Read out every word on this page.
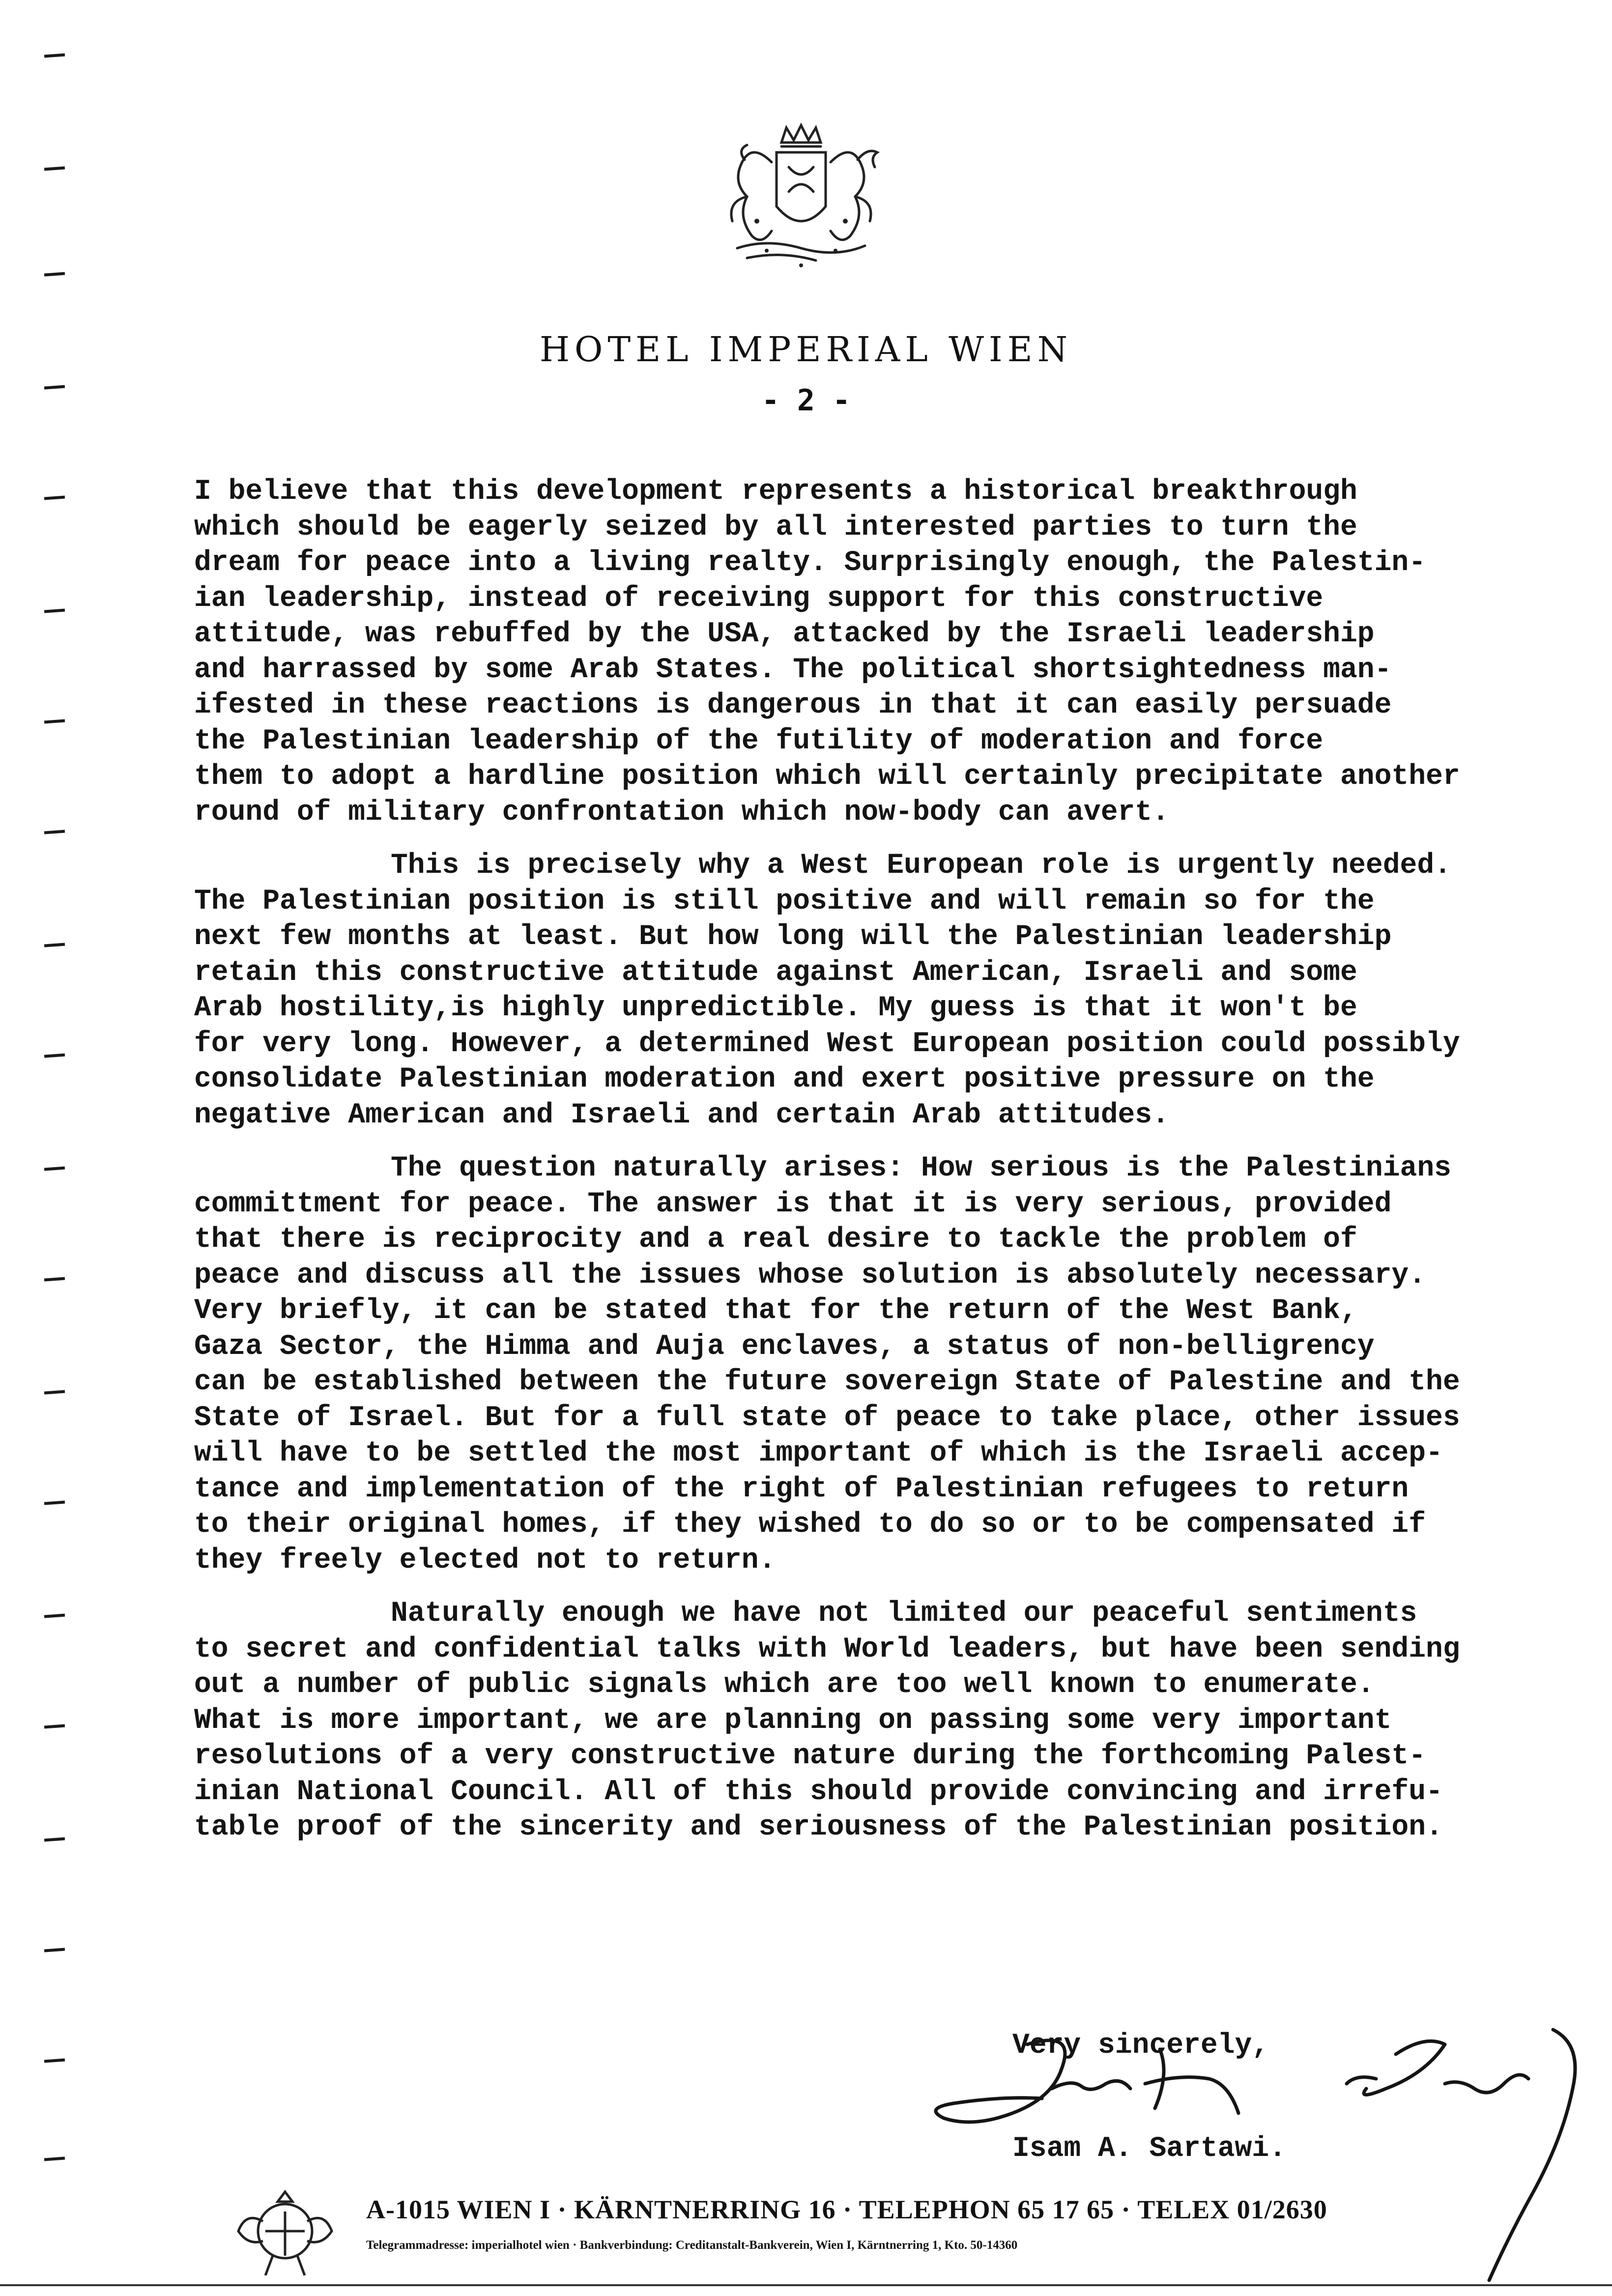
HOTEL IMPERIAL WIEN
- 2 -
I believe that this development represents a historical breakthrough
which should be eagerly seized by all interested parties to turn the
dream for peace into a living realty. Surprisingly enough, the Palestin-
ian leadership, instead of receiving support for this constructive
attitude, was rebuffed by the USA, attacked by the Israeli leadership
and harrassed by some Arab States. The political shortsightedness man-
ifested in these reactions is dangerous in that it can easily persuade
the Palestinian leadership of the futility of moderation and force
them to adopt a hardline position which will certainly precipitate another
round of military confrontation which now-body can avert.
This is precisely why a West European role is urgently needed.
The Palestinian position is still positive and will remain so for the
next few months at least. But how long will the Palestinian leadership
retain this constructive attitude against American, Israeli and some
Arab hostility,is highly unpredictible. My guess is that it won't be
for very long. However, a determined West European position could possibly
consolidate Palestinian moderation and exert positive pressure on the
negative American and Israeli and certain Arab attitudes.
The question naturally arises: How serious is the Palestinians
committment for peace. The answer is that it is very serious, provided
that there is reciprocity and a real desire to tackle the problem of
peace and discuss all the issues whose solution is absolutely necessary.
Very briefly, it can be stated that for the return of the West Bank,
Gaza Sector, the Himma and Auja enclaves, a status of non-belligrency
can be established between the future sovereign State of Palestine and the
State of Israel. But for a full state of peace to take place, other issues
will have to be settled the most important of which is the Israeli accep-
tance and implementation of the right of Palestinian refugees to return
to their original homes, if they wished to do so or to be compensated if
they freely elected not to return.
Naturally enough we have not limited our peaceful sentiments
to secret and confidential talks with World leaders, but have been sending
out a number of public signals which are too well known to enumerate.
What is more important, we are planning on passing some very important
resolutions of a very constructive nature during the forthcoming Palest-
inian National Council. All of this should provide convincing and irrefu-
table proof of the sincerity and seriousness of the Palestinian position.
Very sincerely,
Isam A. Sartawi.
A-1015 WIEN I · KÄRNTNERRING 16 · TELEPHON 65 17 65 · TELEX 01/2630
Telegrammadresse: imperialhotel wien · Bankverbindung: Creditanstalt-Bankverein, Wien I, Kärntnerring 1, Kto. 50-14360
